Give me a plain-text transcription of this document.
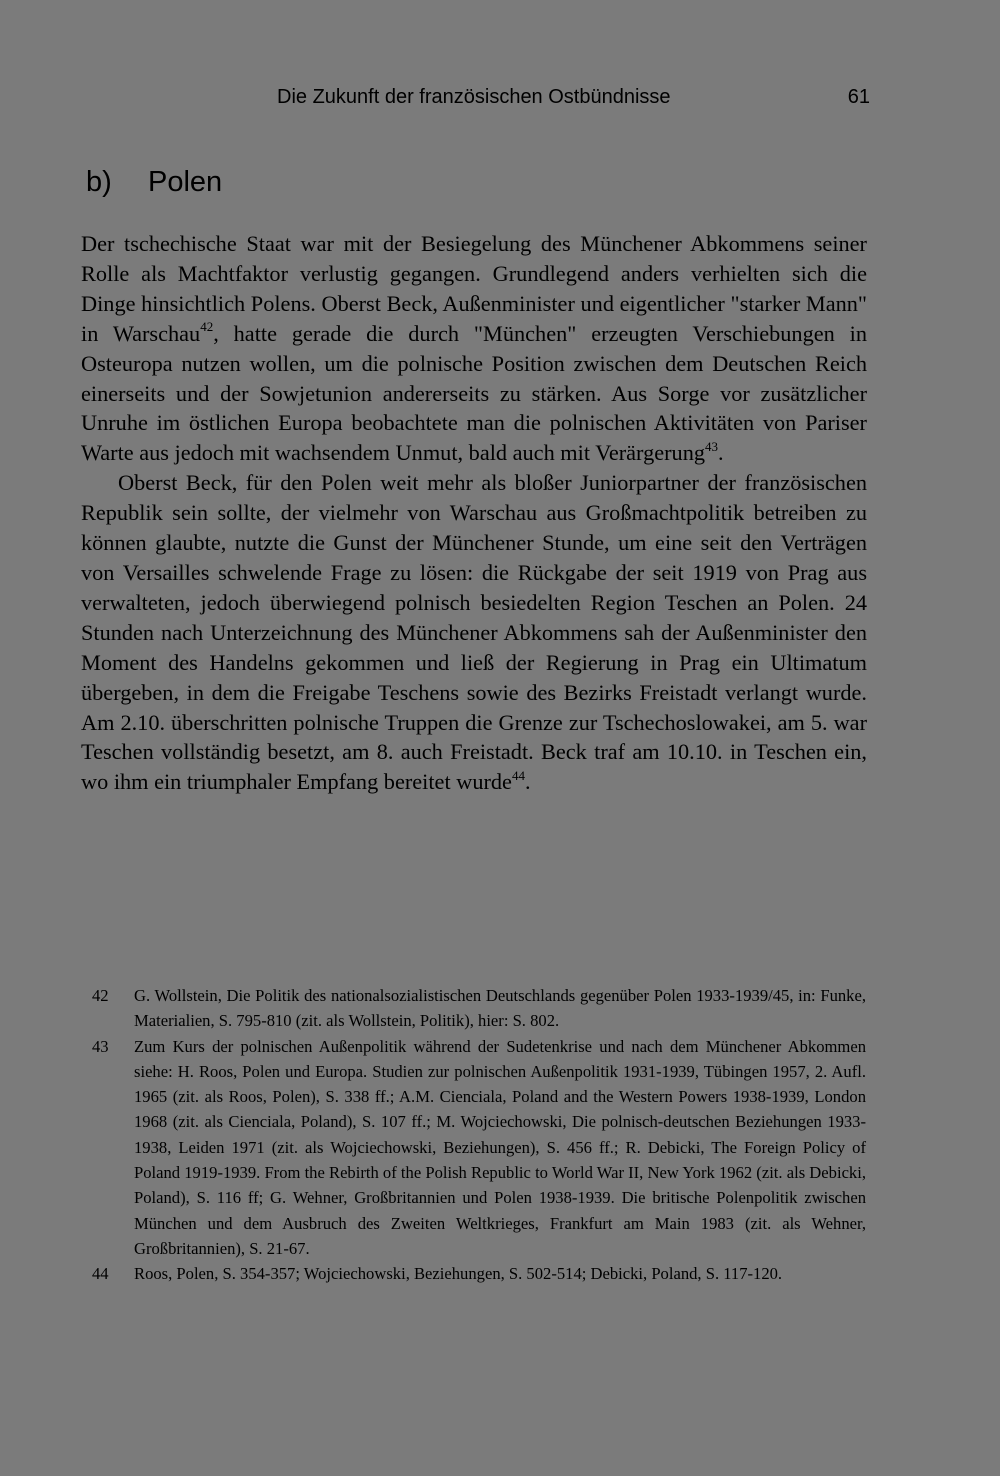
Die Zukunft der französischen Ostbündnisse	61
b) Polen

Der tschechische Staat war mit der Besiegelung des Münchener Abkommens seiner Rolle als Machtfaktor verlustig gegangen. Grundlegend anders verhielten sich die Dinge hinsichtlich Polens. Oberst Beck, Außenminister und eigentlicher "starker Mann" in Warschau$^{42}$, hatte gerade die durch "München" erzeugten Verschiebungen in Osteuropa nutzen wollen, um die polnische Position zwischen dem Deutschen Reich einerseits und der Sowjetunion andererseits zu stärken. Aus Sorge vor zusätzlicher Unruhe im östlichen Europa beobachtete man die polnischen Aktivitäten von Pariser Warte aus jedoch mit wachsendem Unmut, bald auch mit Verärgerung$^{43}$.

Oberst Beck, für den Polen weit mehr als bloßer Juniorpartner der französischen Republik sein sollte, der vielmehr von Warschau aus Großmachtpolitik betreiben zu können glaubte, nutzte die Gunst der Münchener Stunde, um eine seit den Verträgen von Versailles schwelende Frage zu lösen: die Rückgabe der seit 1919 von Prag aus verwalteten, jedoch überwiegend polnisch besiedelten Region Teschen an Polen. 24 Stunden nach Unterzeichnung des Münchener Abkommens sah der Außenminister den Moment des Handelns gekommen und ließ der Regierung in Prag ein Ultimatum übergeben, in dem die Freigabe Teschens sowie des Bezirks Freistadt verlangt wurde. Am 2.10. überschritten polnische Truppen die Grenze zur Tschechoslowakei, am 5. war Teschen vollständig besetzt, am 8. auch Freistadt. Beck traf am 10.10. in Teschen ein, wo ihm ein triumphaler Empfang bereitet wurde$^{44}$.

42	G. Wollstein, Die Politik des nationalsozialistischen Deutschlands gegenüber Polen 1933-1939/45, in: Funke, Materialien, S. 795-810 (zit. als Wollstein, Politik), hier: S. 802.
43	Zum Kurs der polnischen Außenpolitik während der Sudetenkrise und nach dem Münchener Abkommen siehe: H. Roos, Polen und Europa. Studien zur polnischen Außenpolitik 1931-1939, Tübingen 1957, 2. Aufl. 1965 (zit. als Roos, Polen), S. 338 ff.; A.M. Cienciala, Poland and the Western Powers 1938-1939, London 1968 (zit. als Cienciala, Poland), S. 107 ff.; M. Wojciechowski, Die polnisch-deutschen Beziehungen 1933-1938, Leiden 1971 (zit. als Wojciechowski, Beziehungen), S. 456 ff.; R. Debicki, The Foreign Policy of Poland 1919-1939. From the Rebirth of the Polish Republic to World War II, New York 1962 (zit. als Debicki, Poland), S. 116 ff; G. Wehner, Großbritannien und Polen 1938-1939. Die britische Polenpolitik zwischen München und dem Ausbruch des Zweiten Weltkrieges, Frankfurt am Main 1983 (zit. als Wehner, Großbritannien), S. 21-67.
44	Roos, Polen, S. 354-357; Wojciechowski, Beziehungen, S. 502-514; Debicki, Poland, S. 117-120.
